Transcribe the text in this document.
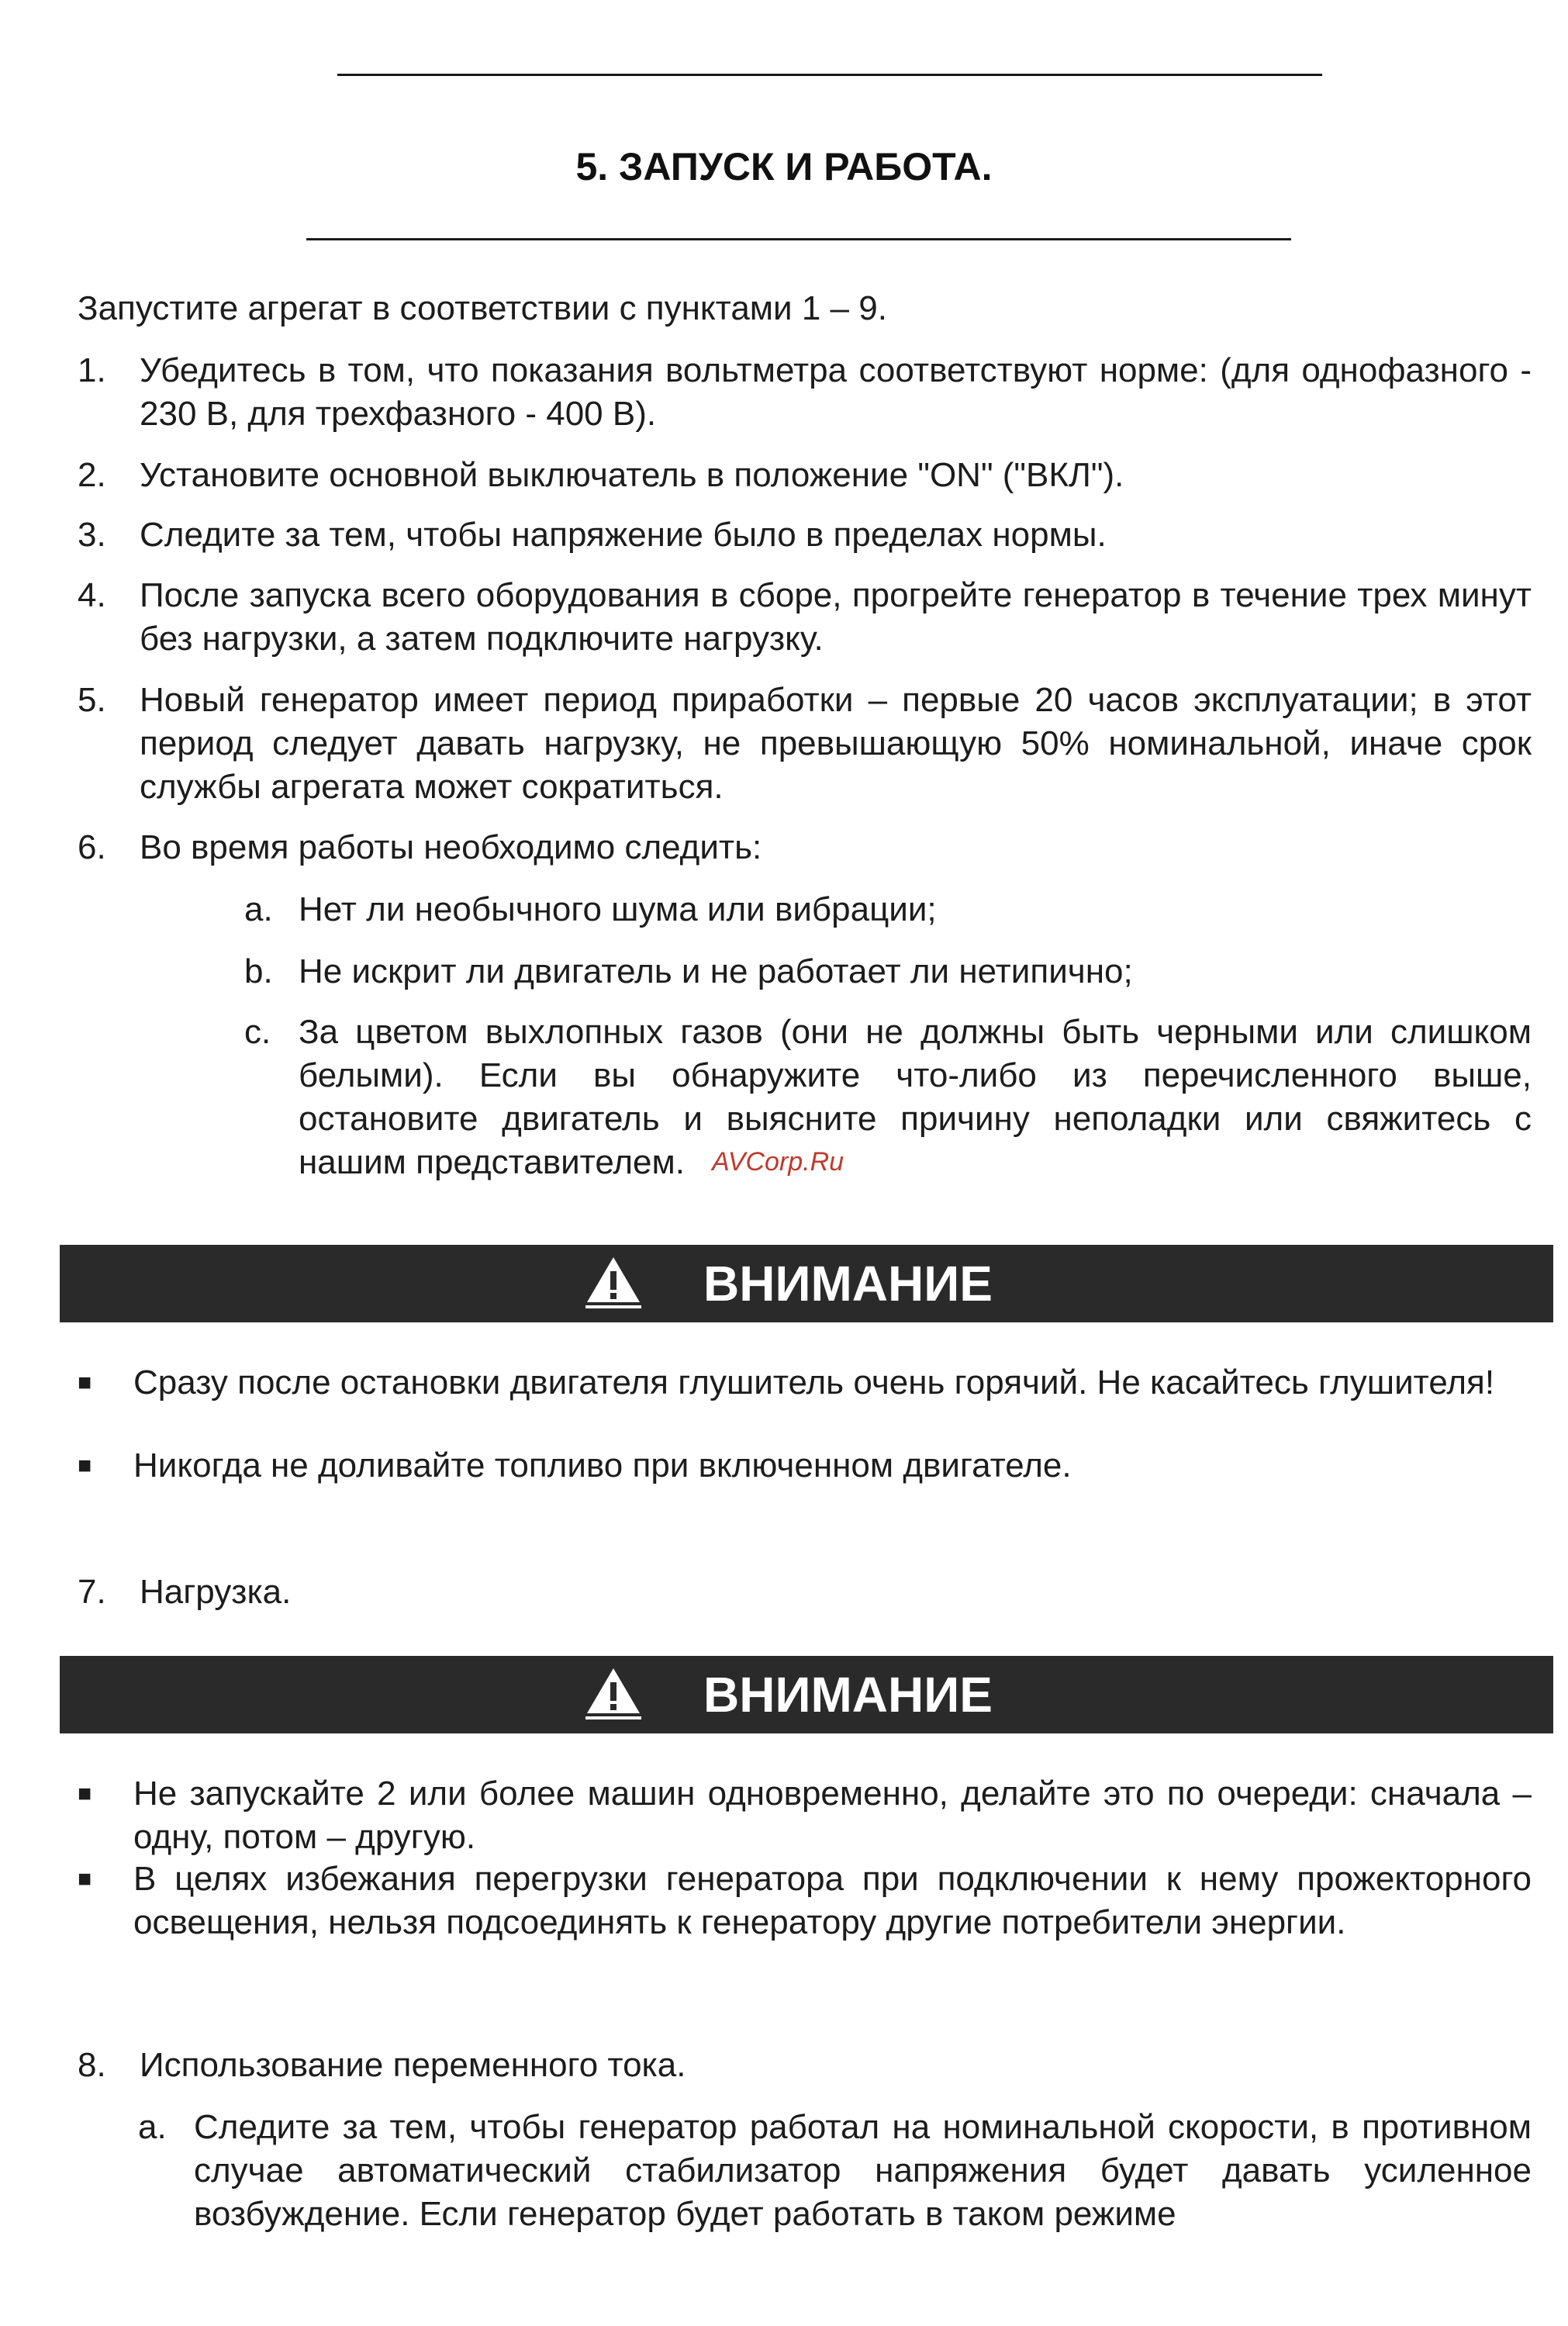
5. ЗАПУСК И РАБОТА.
Запустите агрегат в соответствии с пунктами 1 – 9.
1. Убедитесь в том, что показания вольтметра соответствуют норме: (для однофазного - 230 В, для трехфазного - 400 В).
2. Установите основной выключатель в положение "ON" ("ВКЛ").
3. Следите за тем, чтобы напряжение было в пределах нормы.
4. После запуска всего оборудования в сборе, прогрейте генератор в течение трех минут без нагрузки, а затем подключите нагрузку.
5. Новый генератор имеет период приработки – первые 20 часов эксплуатации; в этот период следует давать нагрузку, не превышающую 50% номинальной, иначе срок службы агрегата может сократиться.
6. Во время работы необходимо следить:
a. Нет ли необычного шума или вибрации;
b. Не искрит ли двигатель и не работает ли нетипично;
c. За цветом выхлопных газов (они не должны быть черными или слишком белыми). Если вы обнаружите что-либо из перечисленного выше, остановите двигатель и выясните причину неполадки или свяжитесь с нашим представителем.	AVCorp.Ru
ВНИМАНИЕ
■ Сразу после остановки двигателя глушитель очень горячий. Не касайтесь глушителя!
■ Никогда не доливайте топливо при включенном двигателе.
7. Нагрузка.
ВНИМАНИЕ
■ Не запускайте 2 или более машин одновременно, делайте это по очереди: сначала – одну, потом – другую.
■ В целях избежания перегрузки генератора при подключении к нему прожекторного освещения, нельзя подсоединять к генератору другие потребители энергии.
8. Использование переменного тока.
a. Следите за тем, чтобы генератор работал на номинальной скорости, в противном случае автоматический стабилизатор напряжения будет давать усиленное возбуждение. Если генератор будет работать в таком режиме
